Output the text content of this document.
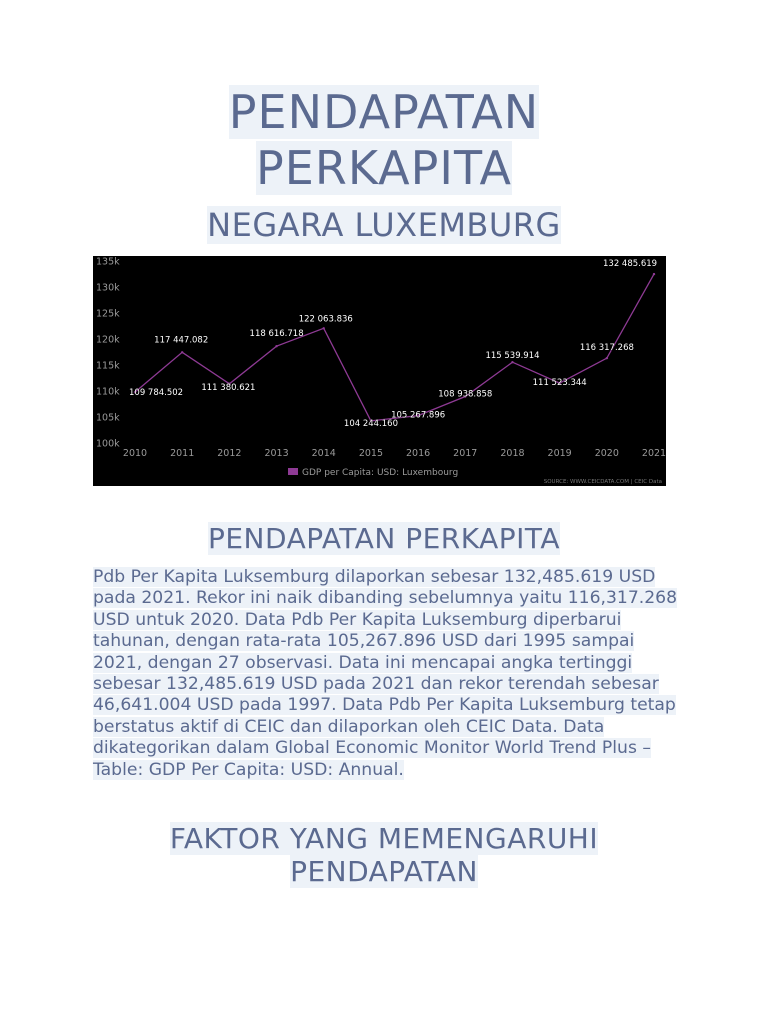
PENDAPATAN
PERKAPITA
NEGARA LUXEMBURG
100k
105k
110k
115k
120k
125k
130k
135k
2010 2011 2012 2013 2014 2015 2016 2017 2018 2019 2020 2021
109 784.502
117 447.082
111 380.621
118 616.718
122 063.836
104 244.160
105 267.896
108 938.858
115 539.914
111 523.344
116 317.268
132 485.619
GDP per Capita: USD: Luxembourg
SOURCE: WWW.CEICDATA.COM | CEIC Data
PENDAPATAN PERKAPITA

Pdb Per Kapita Luksemburg dilaporkan sebesar 132,485.619 USD pada 2021. Rekor ini naik dibanding sebelumnya yaitu 116,317.268 USD untuk 2020. Data Pdb Per Kapita Luksemburg diperbarui tahunan, dengan rata-rata 105,267.896 USD dari 1995 sampai 2021, dengan 27 observasi. Data ini mencapai angka tertinggi sebesar 132,485.619 USD pada 2021 dan rekor terendah sebesar 46,641.004 USD pada 1997. Data Pdb Per Kapita Luksemburg tetap berstatus aktif di CEIC dan dilaporkan oleh CEIC Data. Data dikategorikan dalam Global Economic Monitor World Trend Plus – Table: GDP Per Capita: USD: Annual.

FAKTOR YANG MEMENGARUHI
PENDAPATAN
